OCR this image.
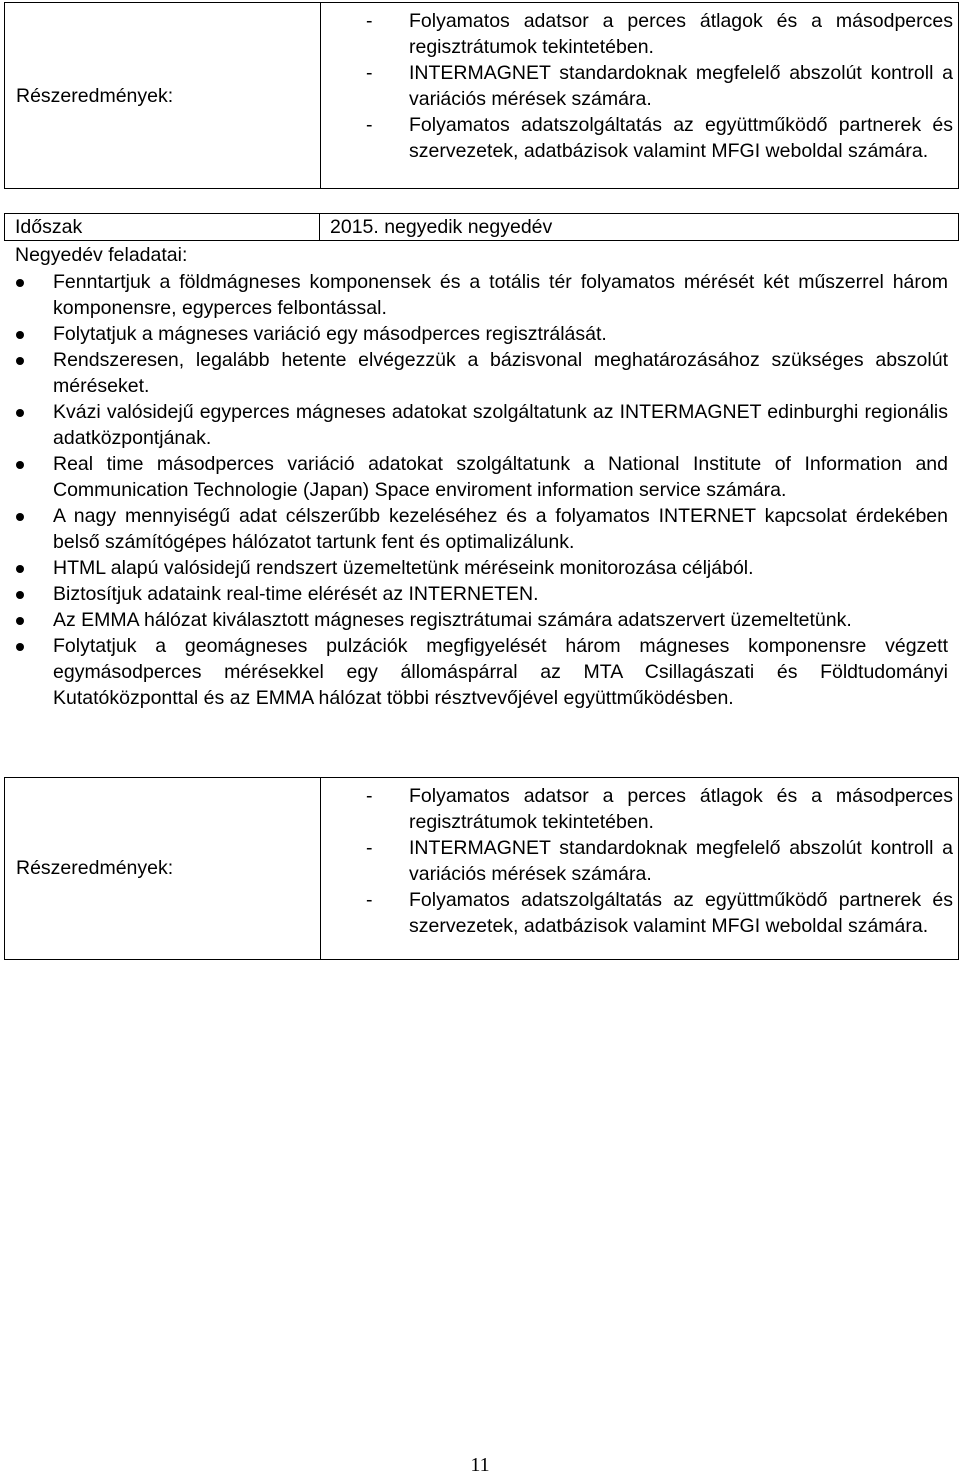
Részeredmények:
- Folyamatos adatsor a perces átlagok és a másodperces regisztrátumok tekintetében.
- INTERMAGNET standardoknak megfelelő abszolút kontroll a variációs mérések számára.
- Folyamatos adatszolgáltatás az együttműködő partnerek és szervezetek, adatbázisok valamint MFGI weboldal számára.
Időszak	2015. negyedik negyedév
Negyedév feladatai:
Fenntartjuk a földmágneses komponensek és a totális tér folyamatos mérését két műszerrel három komponensre, egyperces felbontással.
Folytatjuk a mágneses variáció egy másodperces regisztrálását.
Rendszeresen, legalább hetente elvégezzük a bázisvonal meghatározásához szükséges abszolút méréseket.
Kvázi valósidejű egyperces mágneses adatokat szolgáltatunk az INTERMAGNET edinburghi regionális adatközpontjának.
Real time másodperces variáció adatokat szolgáltatunk a National Institute of Information and Communication Technologie (Japan) Space enviroment information service számára.
A nagy mennyiségű adat célszerűbb kezeléséhez és a folyamatos INTERNET kapcsolat érdekében belső számítógépes hálózatot tartunk fent és optimalizálunk.
HTML alapú valósidejű rendszert üzemeltetünk méréseink monitorozása céljából.
Biztosítjuk adataink real-time elérését az INTERNETEN.
Az EMMA hálózat kiválasztott mágneses regisztrátumai számára adatszervert üzemeltetünk.
Folytatjuk a geomágneses pulzációk megfigyelését három mágneses komponensre végzett egymásodperces mérésekkel egy állomáspárral az MTA Csillagászati és Földtudományi Kutatóközponttal és az EMMA hálózat többi résztvevőjével együttműködésben.
Részeredmények:
- Folyamatos adatsor a perces átlagok és a másodperces regisztrátumok tekintetében.
- INTERMAGNET standardoknak megfelelő abszolút kontroll a variációs mérések számára.
- Folyamatos adatszolgáltatás az együttműködő partnerek és szervezetek, adatbázisok valamint MFGI weboldal számára.
11
